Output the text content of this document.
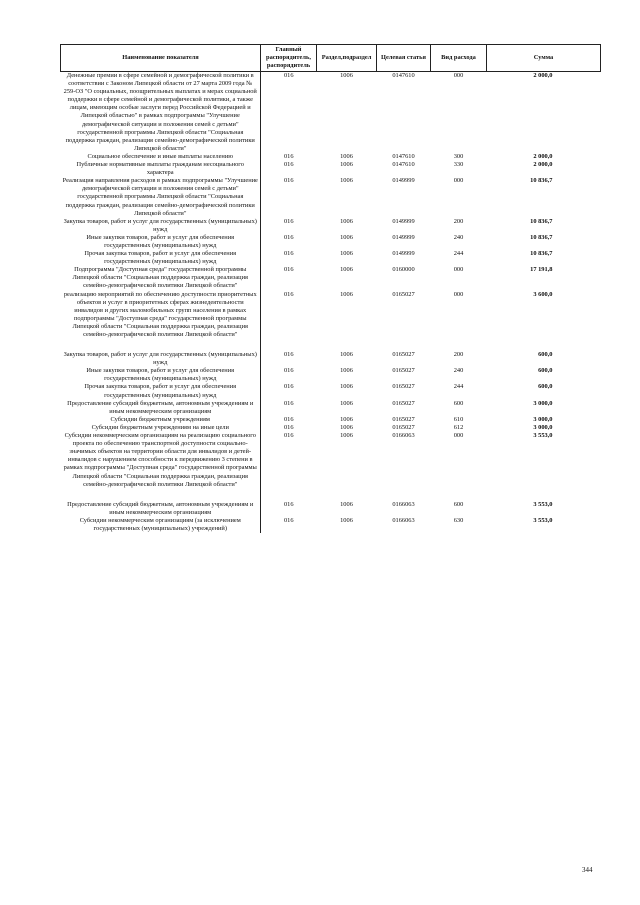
Наименование показателя	Главный распорядитель, распорядитель	Раздел,подраздел	Целевая статья	Вид расхода	Сумма
Денежные премии в сфере семейной и демографической политики в соответствии с Законом Липецкой области от 27 марта 2009 года № 259-ОЗ "О социальных, поощрительных выплатах и мерах социальной поддержки в сфере семейной и демографической политики, а также лицам, имеющим особые заслуги перед Российской Федерацией и Липецкой областью" в рамках подпрограммы "Улучшение демографической ситуации и положения семей с детьми" государственной программы Липецкой области "Социальная поддержка граждан, реализация семейно-демографической политики Липецкой области"	016	1006	0147610	000	2 000,0
Социальное обеспечение и иные выплаты населению	016	1006	0147610	300	2 000,0
Публичные нормативные выплаты гражданам несоциального характера	016	1006	0147610	330	2 000,0
Реализация направления расходов в рамках подпрограммы "Улучшение демографической ситуации и положения семей с детьми" государственной программы Липецкой области "Социальная поддержка граждан, реализация семейно-демографической политики Липецкой области"	016	1006	0149999	000	10 836,7
Закупка товаров, работ и услуг для государственных (муниципальных) нужд	016	1006	0149999	200	10 836,7
Иные закупки товаров, работ и услуг для обеспечения государственных (муниципальных) нужд	016	1006	0149999	240	10 836,7
Прочая закупка товаров, работ и услуг для обеспечения государственных (муниципальных) нужд	016	1006	0149999	244	10 836,7
Подпрограмма "Доступная среда" государственной программы Липецкой области "Социальная поддержка граждан, реализация семейно-демографической политики Липецкой области"	016	1006	0160000	000	17 191,8
реализацию мероприятий по обеспечению доступности приоритетных объектов и услуг в приоритетных сферах жизнедеятельности инвалидов и других маломобильных групп населения в рамках подпрограммы "Доступная среда" государственной программы Липецкой области "Социальная поддержка граждан, реализация семейно-демографической политики Липецкой области"	016	1006	0165027	000	3 600,0

Закупка товаров, работ и услуг для государственных (муниципальных) нужд	016	1006	0165027	200	600,0
Иные закупки товаров, работ и услуг для обеспечения государственных (муниципальных) нужд	016	1006	0165027	240	600,0
Прочая закупка товаров, работ и услуг для обеспечения государственных (муниципальных) нужд	016	1006	0165027	244	600,0
Предоставление субсидий бюджетным, автономным учреждениям и иным некоммерческим организациям	016	1006	0165027	600	3 000,0
Субсидии бюджетным учреждениям	016	1006	0165027	610	3 000,0
Субсидии бюджетным учреждениям на иные цели	016	1006	0165027	612	3 000,0
Субсидии некоммерческим организациям на реализацию социального проекта по обеспечению транспортной доступности социально-значимых объектов на территории области для инвалидов и детей-инвалидов с нарушением способности к передвижению 3 степени в рамках подпрограммы "Доступная среда" государственной программы Липецкой области "Социальная поддержка граждан, реализация семейно-демографической политики Липецкой области"	016	1006	0166063	000	3 553,0

Предоставление субсидий бюджетным, автономным учреждениям и иным некоммерческим организациям	016	1006	0166063	600	3 553,0
Субсидии некоммерческим организациям (за исключением государственных (муниципальных) учреждений)	016	1006	0166063	630	3 553,0
344
